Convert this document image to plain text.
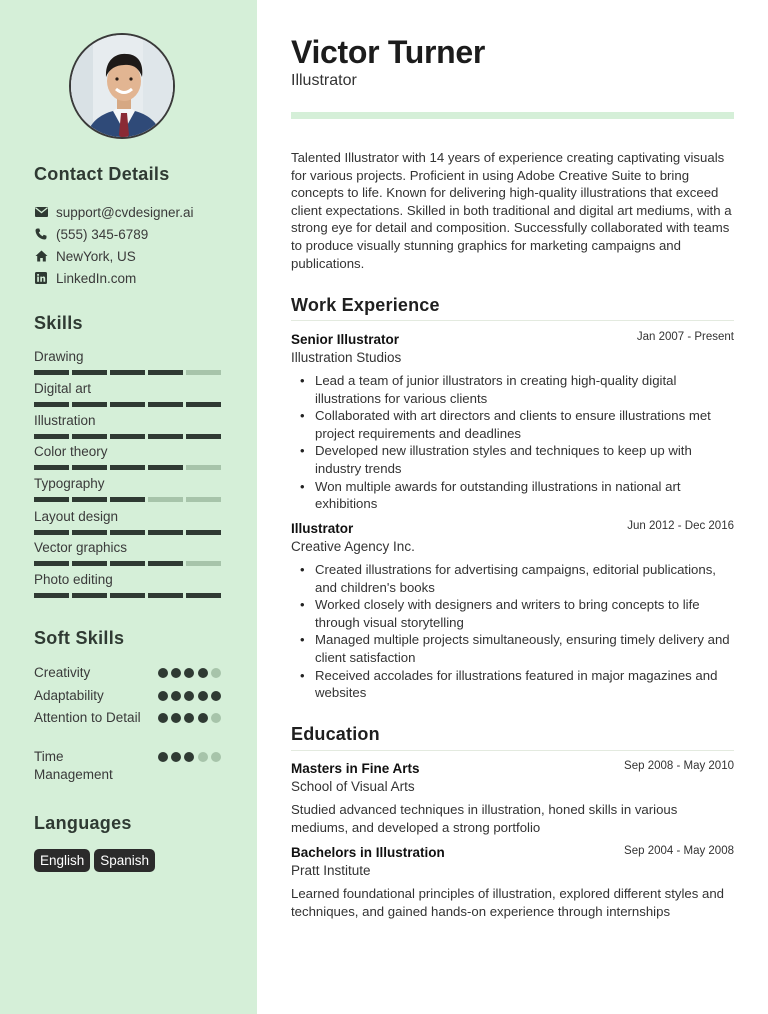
Contact Details
support@cvdesigner.ai
(555) 345-6789
NewYork, US
LinkedIn.com
Skills
Drawing
Digital art
Illustration
Color theory
Typography
Layout design
Vector graphics
Photo editing
Soft Skills
Creativity
Adaptability
Attention to Detail
Time Management
Languages
English	Spanish
Victor Turner
Illustrator
Talented Illustrator with 14 years of experience creating captivating visuals for various projects. Proficient in using Adobe Creative Suite to bring concepts to life. Known for delivering high-quality illustrations that exceed client expectations. Skilled in both traditional and digital art mediums, with a strong eye for detail and composition. Successfully collaborated with teams to produce visually stunning graphics for marketing campaigns and publications.
Work Experience
Senior Illustrator	Jan 2007 - Present
Illustration Studios
• Lead a team of junior illustrators in creating high-quality digital illustrations for various clients
• Collaborated with art directors and clients to ensure illustrations met project requirements and deadlines
• Developed new illustration styles and techniques to keep up with industry trends
• Won multiple awards for outstanding illustrations in national art exhibitions
Illustrator	Jun 2012 - Dec 2016
Creative Agency Inc.
• Created illustrations for advertising campaigns, editorial publications, and children's books
• Worked closely with designers and writers to bring concepts to life through visual storytelling
• Managed multiple projects simultaneously, ensuring timely delivery and client satisfaction
• Received accolades for illustrations featured in major magazines and websites
Education
Masters in Fine Arts	Sep 2008 - May 2010
School of Visual Arts
Studied advanced techniques in illustration, honed skills in various mediums, and developed a strong portfolio
Bachelors in Illustration	Sep 2004 - May 2008
Pratt Institute
Learned foundational principles of illustration, explored different styles and techniques, and gained hands-on experience through internships
